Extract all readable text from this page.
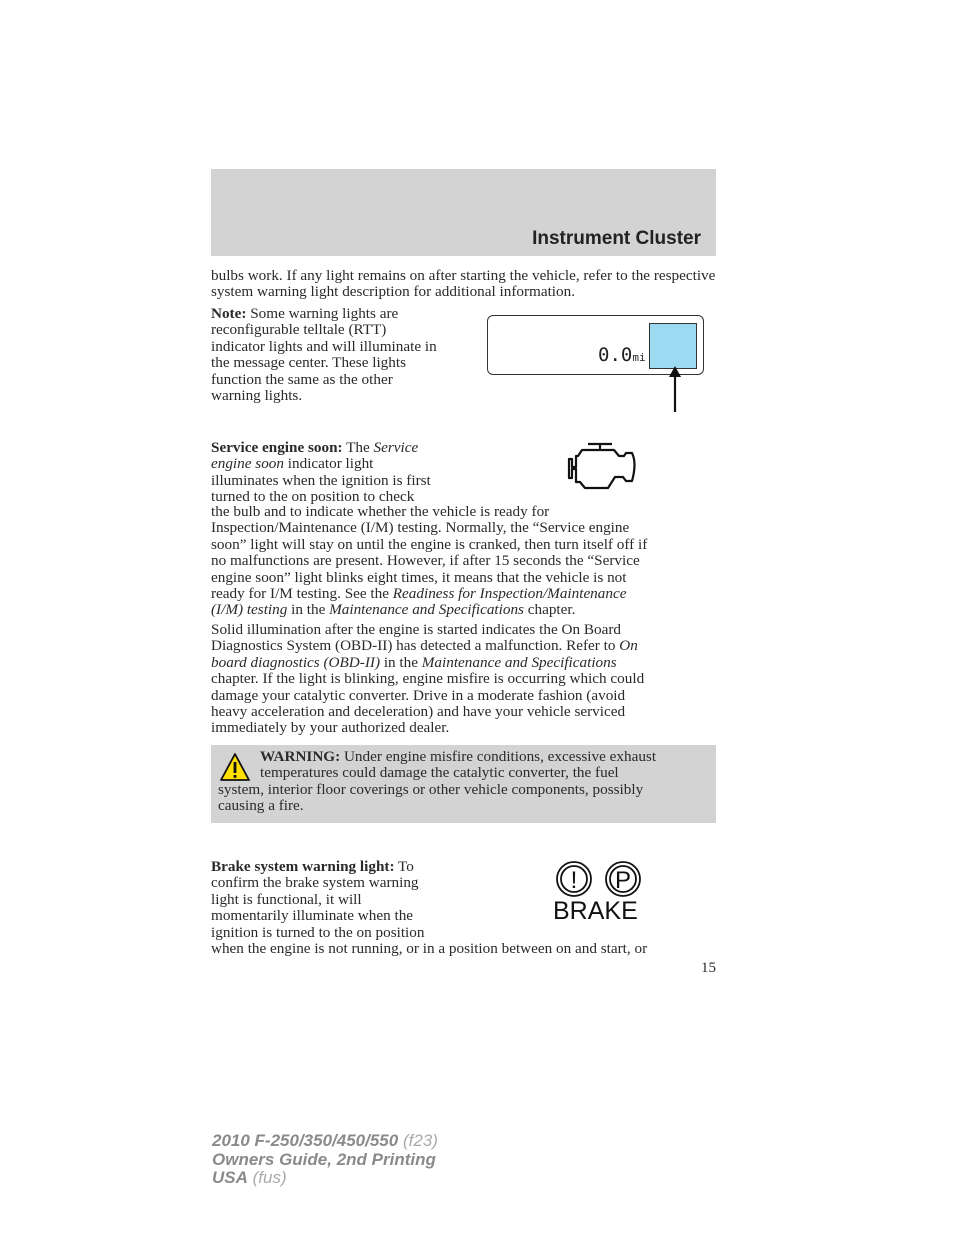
Instrument Cluster

bulbs work. If any light remains on after starting the vehicle, refer to the respective system warning light description for additional information.

Note: Some warning lights are
reconfigurable telltale (RTT)
indicator lights and will illuminate in
the message center. These lights
function the same as the other
warning lights.
0.0mi
Service engine soon: The Service
engine soon indicator light
illuminates when the ignition is first
turned to the on position to check
the bulb and to indicate whether the vehicle is ready for
Inspection/Maintenance (I/M) testing. Normally, the “Service engine
soon” light will stay on until the engine is cranked, then turn itself off if
no malfunctions are present. However, if after 15 seconds the “Service
engine soon” light blinks eight times, it means that the vehicle is not
ready for I/M testing. See the Readiness for Inspection/Maintenance
(I/M) testing in the Maintenance and Specifications chapter.
Solid illumination after the engine is started indicates the On Board
Diagnostics System (OBD-II) has detected a malfunction. Refer to On
board diagnostics (OBD-II) in the Maintenance and Specifications
chapter. If the light is blinking, engine misfire is occurring which could
damage your catalytic converter. Drive in a moderate fashion (avoid
heavy acceleration and deceleration) and have your vehicle serviced
immediately by your authorized dealer.
WARNING: Under engine misfire conditions, excessive exhaust
temperatures could damage the catalytic converter, the fuel
system, interior floor coverings or other vehicle components, possibly
causing a fire.
Brake system warning light: To
confirm the brake system warning
light is functional, it will
momentarily illuminate when the
ignition is turned to the on position
! P
BRAKE
when the engine is not running, or in a position between on and start, or
15
2010 F-250/350/450/550 (f23)
Owners Guide, 2nd Printing
USA (fus)
